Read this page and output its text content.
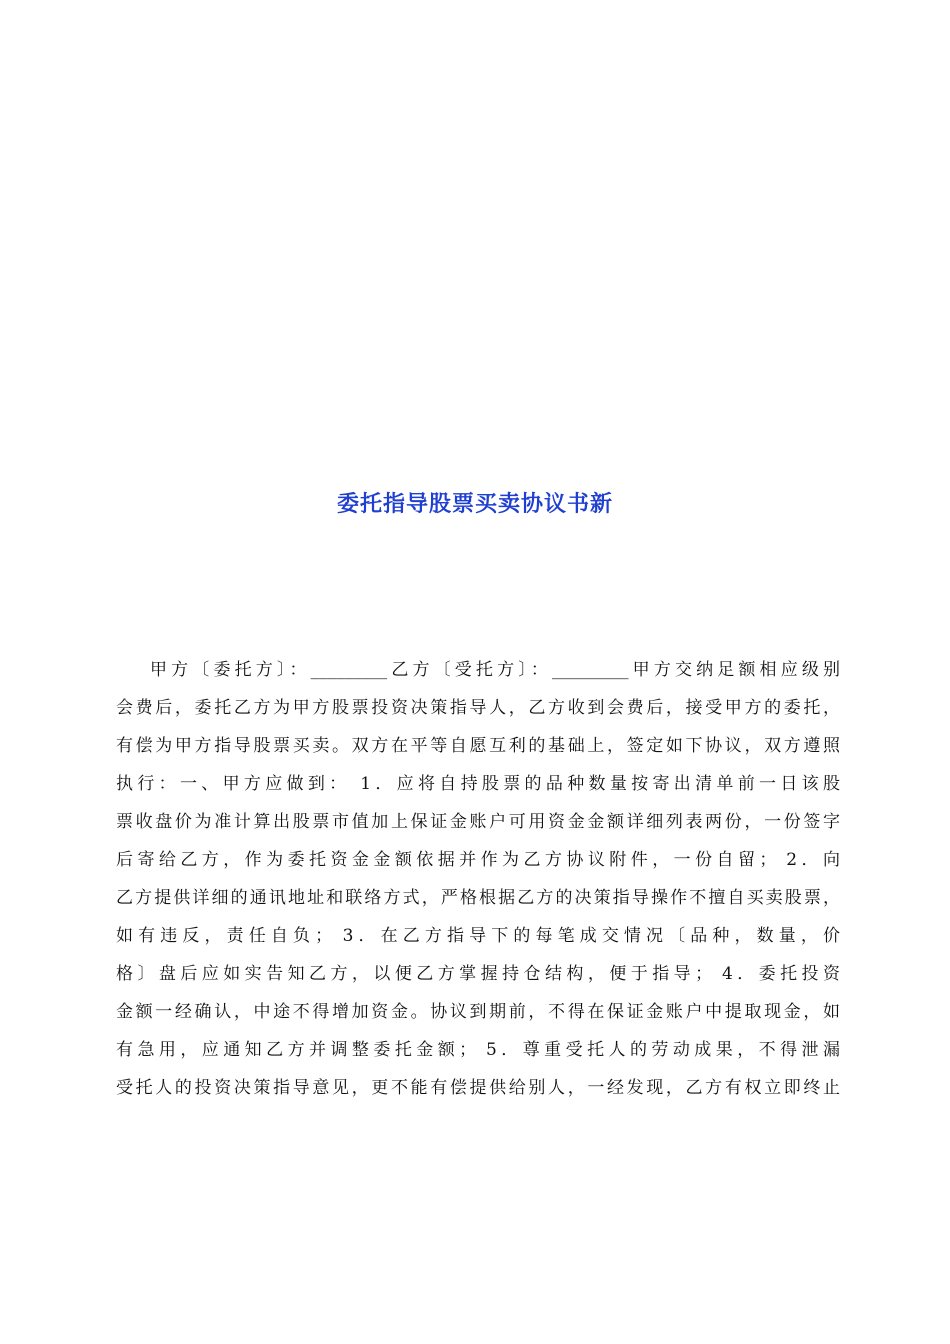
委托指导股票买卖协议书新
甲方〔委托方〕：_________乙方〔受托方〕：_________甲方交纳足额相应级别
会费后，委托乙方为甲方股票投资决策指导人，乙方收到会费后，接受甲方的委托，
有偿为甲方指导股票买卖。双方在平等自愿互利的基础上，签定如下协议，双方遵照
执行：一、甲方应做到： 1．应将自持股票的品种数量按寄出清单前一日该股
票收盘价为准计算出股票市值加上保证金账户可用资金金额详细列表两份，一份签字
后寄给乙方，作为委托资金金额依据并作为乙方协议附件，一份自留； 2．向
乙方提供详细的通讯地址和联络方式，严格根据乙方的决策指导操作不擅自买卖股票，
如有违反，责任自负； 3．在乙方指导下的每笔成交情况〔品种，数量，价
格〕盘后应如实告知乙方，以便乙方掌握持仓结构，便于指导； 4．委托投资
金额一经确认，中途不得增加资金。协议到期前，不得在保证金账户中提取现金，如
有急用，应通知乙方并调整委托金额； 5．尊重受托人的劳动成果，不得泄漏
受托人的投资决策指导意见，更不能有偿提供给别人，一经发现，乙方有权立即终止
